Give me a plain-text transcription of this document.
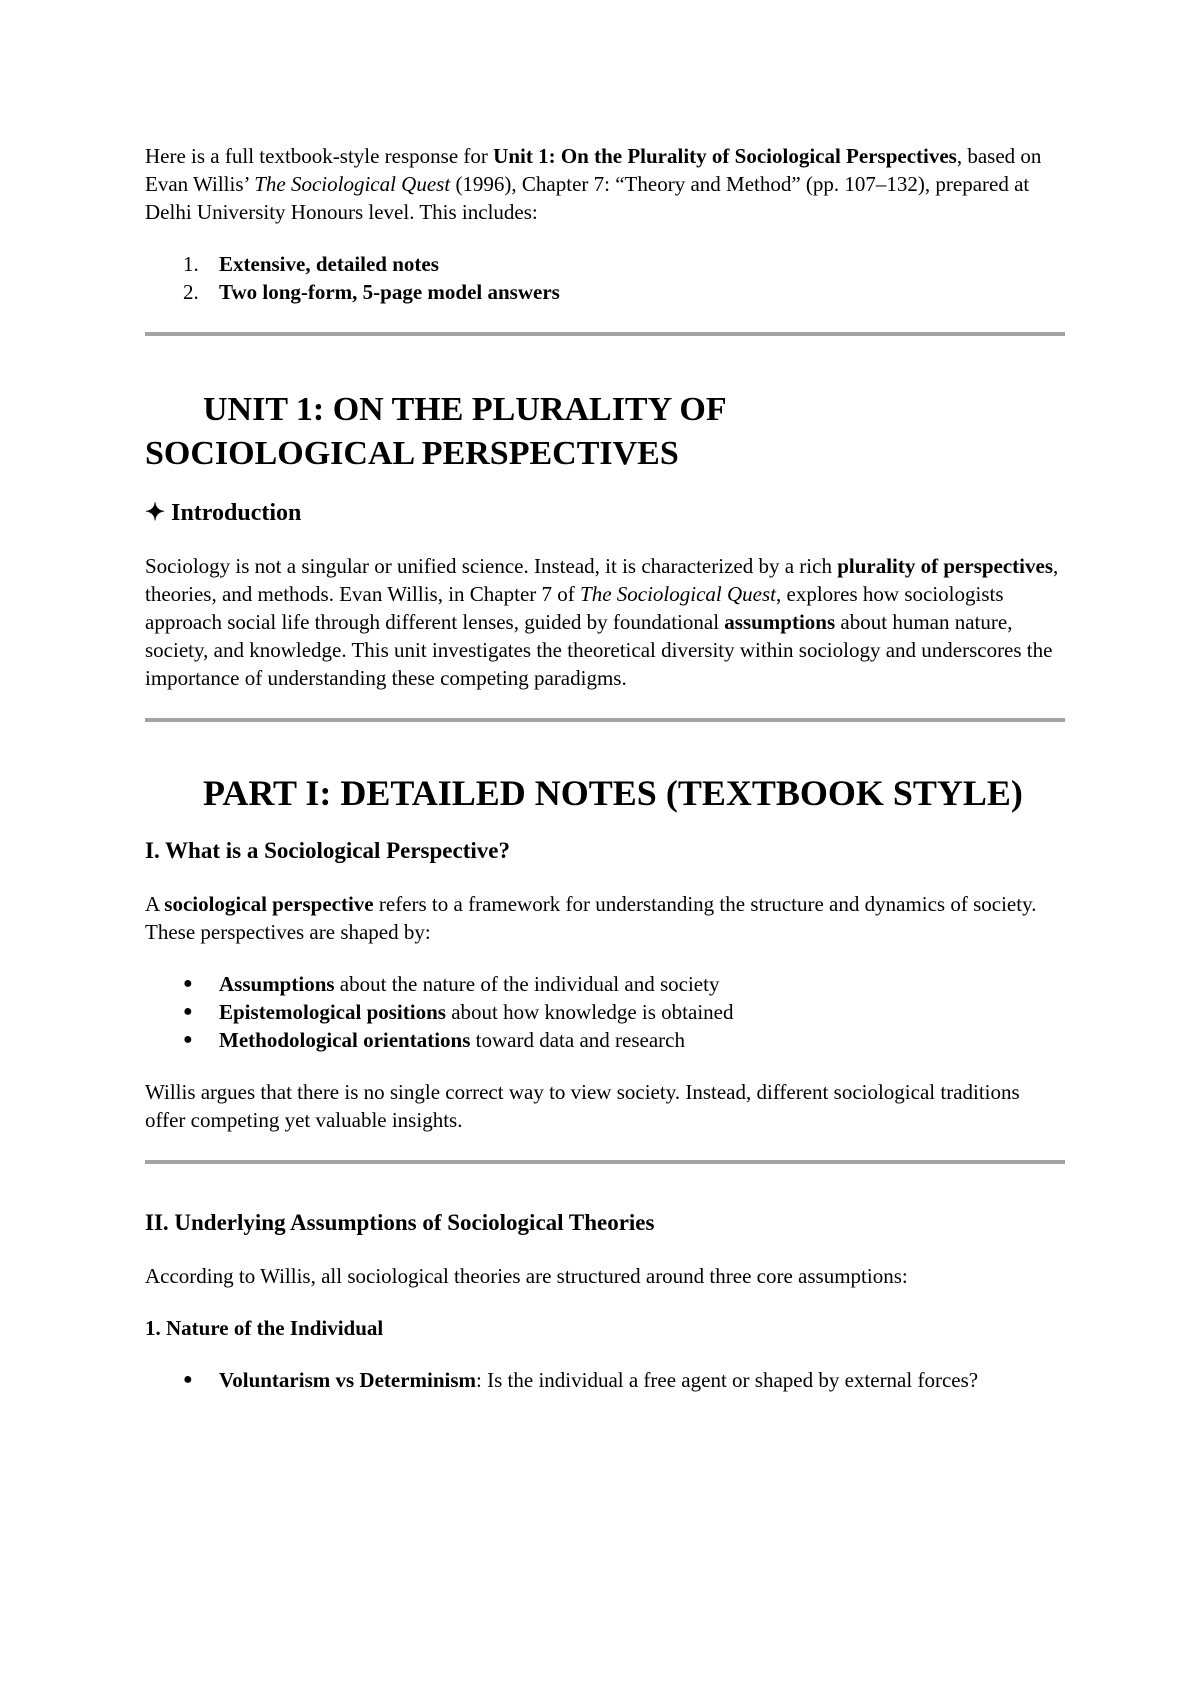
Here is a full textbook-style response for Unit 1: On the Plurality of Sociological Perspectives, based on Evan Willis’ The Sociological Quest (1996), Chapter 7: “Theory and Method” (pp. 107–132), prepared at Delhi University Honours level. This includes:

1. Extensive, detailed notes
2. Two long-form, 5-page model answers
UNIT 1: ON THE PLURALITY OF
SOCIOLOGICAL PERSPECTIVES
✦ Introduction

Sociology is not a singular or unified science. Instead, it is characterized by a rich plurality of perspectives, theories, and methods. Evan Willis, in Chapter 7 of The Sociological Quest, explores how sociologists approach social life through different lenses, guided by foundational assumptions about human nature, society, and knowledge. This unit investigates the theoretical diversity within sociology and underscores the importance of understanding these competing paradigms.

PART I: DETAILED NOTES (TEXTBOOK STYLE)
I. What is a Sociological Perspective?

A sociological perspective refers to a framework for understanding the structure and dynamics of society. These perspectives are shaped by:

● Assumptions about the nature of the individual and society
● Epistemological positions about how knowledge is obtained
● Methodological orientations toward data and research

Willis argues that there is no single correct way to view society. Instead, different sociological traditions offer competing yet valuable insights.

II. Underlying Assumptions of Sociological Theories

According to Willis, all sociological theories are structured around three core assumptions:

1. Nature of the Individual
● Voluntarism vs Determinism: Is the individual a free agent or shaped by external forces?
